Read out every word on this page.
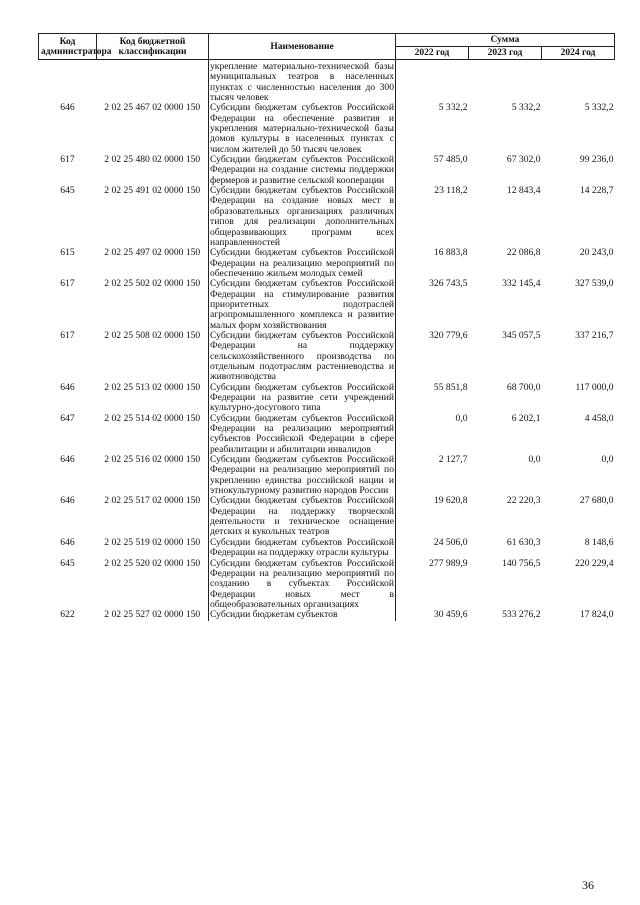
Код администратора	Код бюджетной классификации	Наименование	Сумма		
			2022 год	2023 год	2024 год
		укрепление материально-технической базы муниципальных театров в населенных пунктах с численностью населения до 300 тысяч человек			
646	2 02 25 467 02 0000 150	Субсидии бюджетам субъектов Российской Федерации на обеспечение развития и укрепления материально-технической базы домов культуры в населенных пунктах с числом жителей до 50 тысяч человек	5 332,2	5 332,2	5 332,2
617	2 02 25 480 02 0000 150	Субсидии бюджетам субъектов Российской Федерации на создание системы поддержки фермеров и развитие сельской кооперации	57 485,0	67 302,0	99 236,0
645	2 02 25 491 02 0000 150	Субсидии бюджетам субъектов Российской Федерации на создание новых мест в образовательных организациях различных типов для реализации дополнительных общеразвивающих программ всех направленностей	23 118,2	12 843,4	14 228,7
615	2 02 25 497 02 0000 150	Субсидии бюджетам субъектов Российской Федерации на реализацию мероприятий по обеспечению жильем молодых семей	16 883,8	22 086,8	20 243,0
617	2 02 25 502 02 0000 150	Субсидии бюджетам субъектов Российской Федерации на стимулирование развития приоритетных подотраслей агропромышленного комплекса и развитие малых форм хозяйствования	326 743,5	332 145,4	327 539,0
617	2 02 25 508 02 0000 150	Субсидии бюджетам субъектов Российской Федерации на поддержку сельскохозяйственного производства по отдельным подотраслям растениеводства и животноводства	320 779,6	345 057,5	337 216,7
646	2 02 25 513 02 0000 150	Субсидии бюджетам субъектов Российской Федерации на развитие сети учреждений культурно-досугового типа	55 851,8	68 700,0	117 000,0
647	2 02 25 514 02 0000 150	Субсидии бюджетам субъектов Российской Федерации на реализацию мероприятий субъектов Российской Федерации в сфере реабилитации и абилитации инвалидов	0,0	6 202,1	4 458,0
646	2 02 25 516 02 0000 150	Субсидии бюджетам субъектов Российской Федерации на реализацию мероприятий по укреплению единства российской нации и этнокультурному развитию народов России	2 127,7	0,0	0,0
646	2 02 25 517 02 0000 150	Субсидии бюджетам субъектов Российской Федерации на поддержку творческой деятельности и техническое оснащение детских и кукольных театров	19 620,8	22 220,3	27 680,0
646	2 02 25 519 02 0000 150	Субсидии бюджетам субъектов Российской Федерации на поддержку отрасли культуры	24 506,0	61 630,3	8 148,6
645	2 02 25 520 02 0000 150	Субсидии бюджетам субъектов Российской Федерации на реализацию мероприятий по созданию в субъектах Российской Федерации новых мест в общеобразовательных организациях	277 989,9	140 756,5	220 229,4
622	2 02 25 527 02 0000 150	Субсидии бюджетам субъектов	30 459,6	533 276,2	17 824,0
36
